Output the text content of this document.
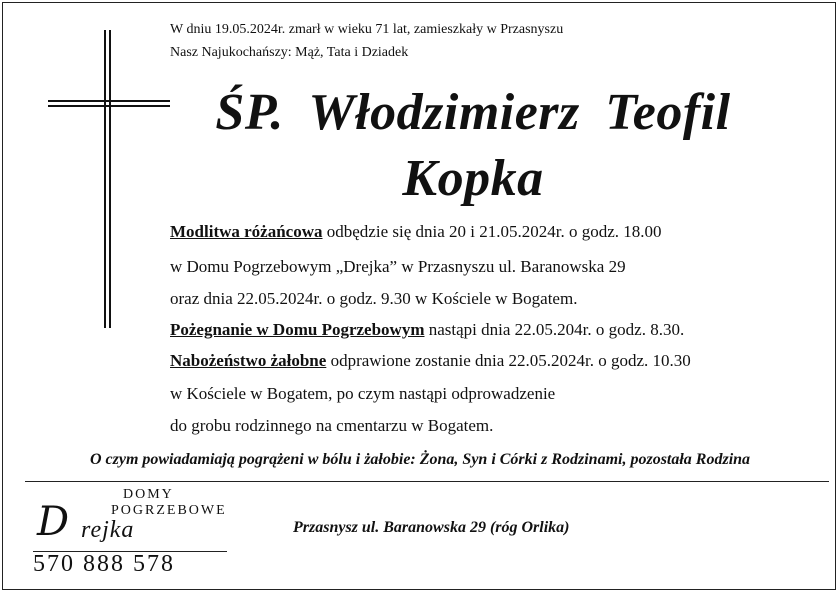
W dniu 19.05.2024r. zmarł w wieku 71 lat, zamieszkały w Przasnyszu
Nasz Najukochańszy: Mąż, Tata i Dziadek
ŚP. Włodzimierz Teofil
Kopka
Modlitwa różańcowa odbędzie się dnia 20 i 21.05.2024r. o godz. 18.00
w Domu Pogrzebowym „Drejka” w Przasnyszu ul. Baranowska 29
oraz dnia 22.05.2024r. o godz. 9.30 w Kościele w Bogatem.
Pożegnanie w Domu Pogrzebowym nastąpi dnia 22.05.204r. o godz. 8.30.
Nabożeństwo żałobne odprawione zostanie dnia 22.05.2024r. o godz. 10.30
w Kościele w Bogatem, po czym nastąpi odprowadzenie
do grobu rodzinnego na cmentarzu w Bogatem.
O czym powiadamiają pogrążeni w bólu i żałobie: Żona, Syn i Córki z Rodzinami, pozostała Rodzina
DOMY
POGRZEBOWE
D rejka
570 888 578
Przasnysz ul. Baranowska 29 (róg Orlika)
